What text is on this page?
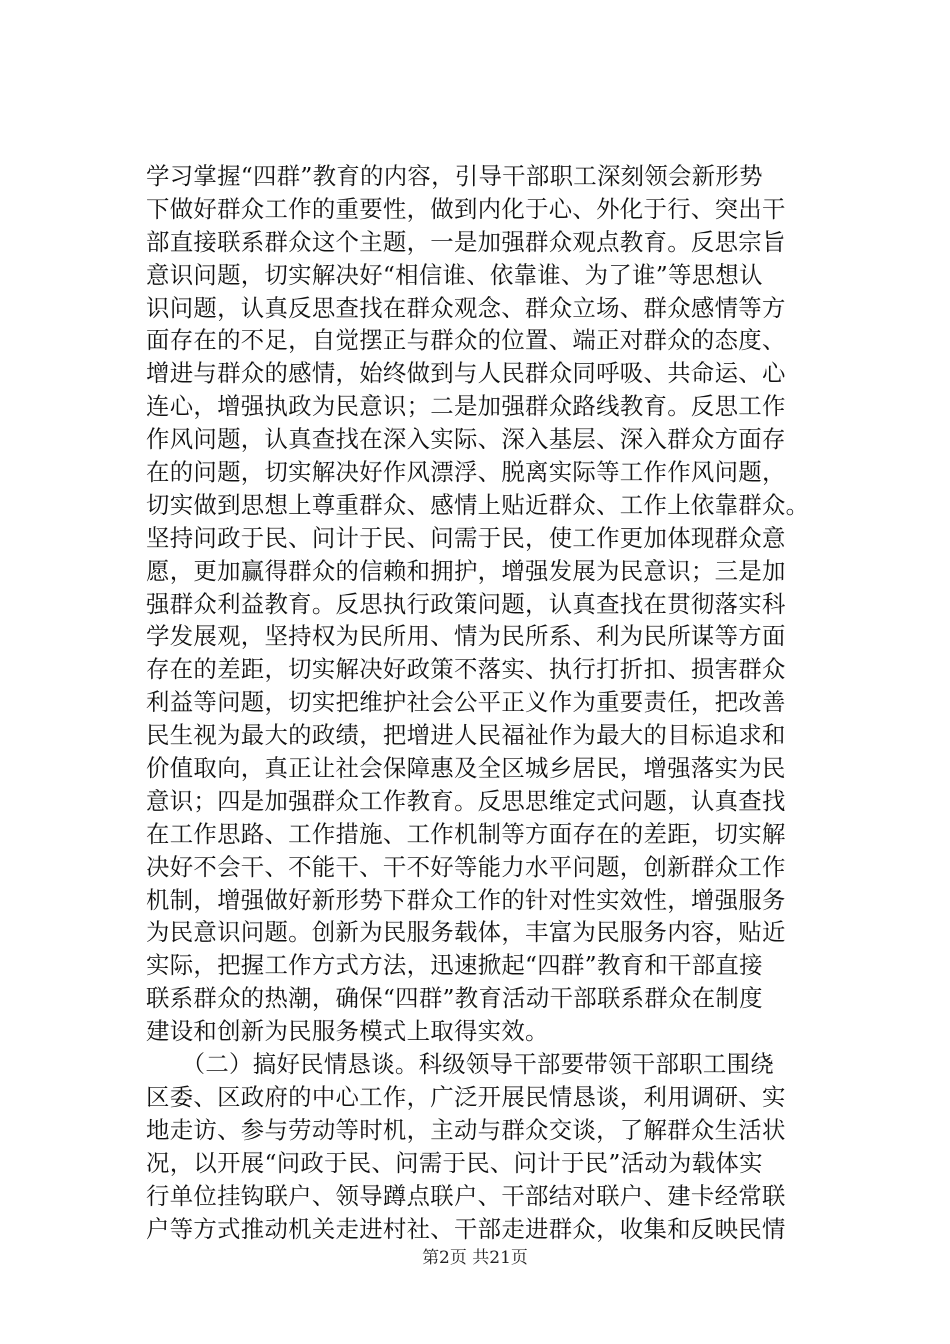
学习掌握“四群”教育的内容，引导干部职工深刻领会新形势
下做好群众工作的重要性，做到内化于心、外化于行、突出干
部直接联系群众这个主题，一是加强群众观点教育。反思宗旨
意识问题，切实解决好“相信谁、依靠谁、为了谁”等思想认
识问题，认真反思查找在群众观念、群众立场、群众感情等方
面存在的不足，自觉摆正与群众的位置、端正对群众的态度、
增进与群众的感情，始终做到与人民群众同呼吸、共命运、心
连心，增强执政为民意识；二是加强群众路线教育。反思工作
作风问题，认真查找在深入实际、深入基层、深入群众方面存
在的问题，切实解决好作风漂浮、脱离实际等工作作风问题，
切实做到思想上尊重群众、感情上贴近群众、工作上依靠群众。
坚持问政于民、问计于民、问需于民，使工作更加体现群众意
愿，更加赢得群众的信赖和拥护，增强发展为民意识；三是加
强群众利益教育。反思执行政策问题，认真查找在贯彻落实科
学发展观，坚持权为民所用、情为民所系、利为民所谋等方面
存在的差距，切实解决好政策不落实、执行打折扣、损害群众
利益等问题，切实把维护社会公平正义作为重要责任，把改善
民生视为最大的政绩，把增进人民福祉作为最大的目标追求和
价值取向，真正让社会保障惠及全区城乡居民，增强落实为民
意识；四是加强群众工作教育。反思思维定式问题，认真查找
在工作思路、工作措施、工作机制等方面存在的差距，切实解
决好不会干、不能干、干不好等能力水平问题，创新群众工作
机制，增强做好新形势下群众工作的针对性实效性，增强服务
为民意识问题。创新为民服务载体，丰富为民服务内容，贴近
实际，把握工作方式方法，迅速掀起“四群”教育和干部直接
联系群众的热潮，确保“四群”教育活动干部联系群众在制度
建设和创新为民服务模式上取得实效。
　　（二）搞好民情恳谈。科级领导干部要带领干部职工围绕
区委、区政府的中心工作，广泛开展民情恳谈，利用调研、实
地走访、参与劳动等时机，主动与群众交谈，了解群众生活状
况，以开展“问政于民、问需于民、问计于民”活动为载体实
行单位挂钩联户、领导蹲点联户、干部结对联户、建卡经常联
户等方式推动机关走进村社、干部走进群众，收集和反映民情
第2页 共21页
